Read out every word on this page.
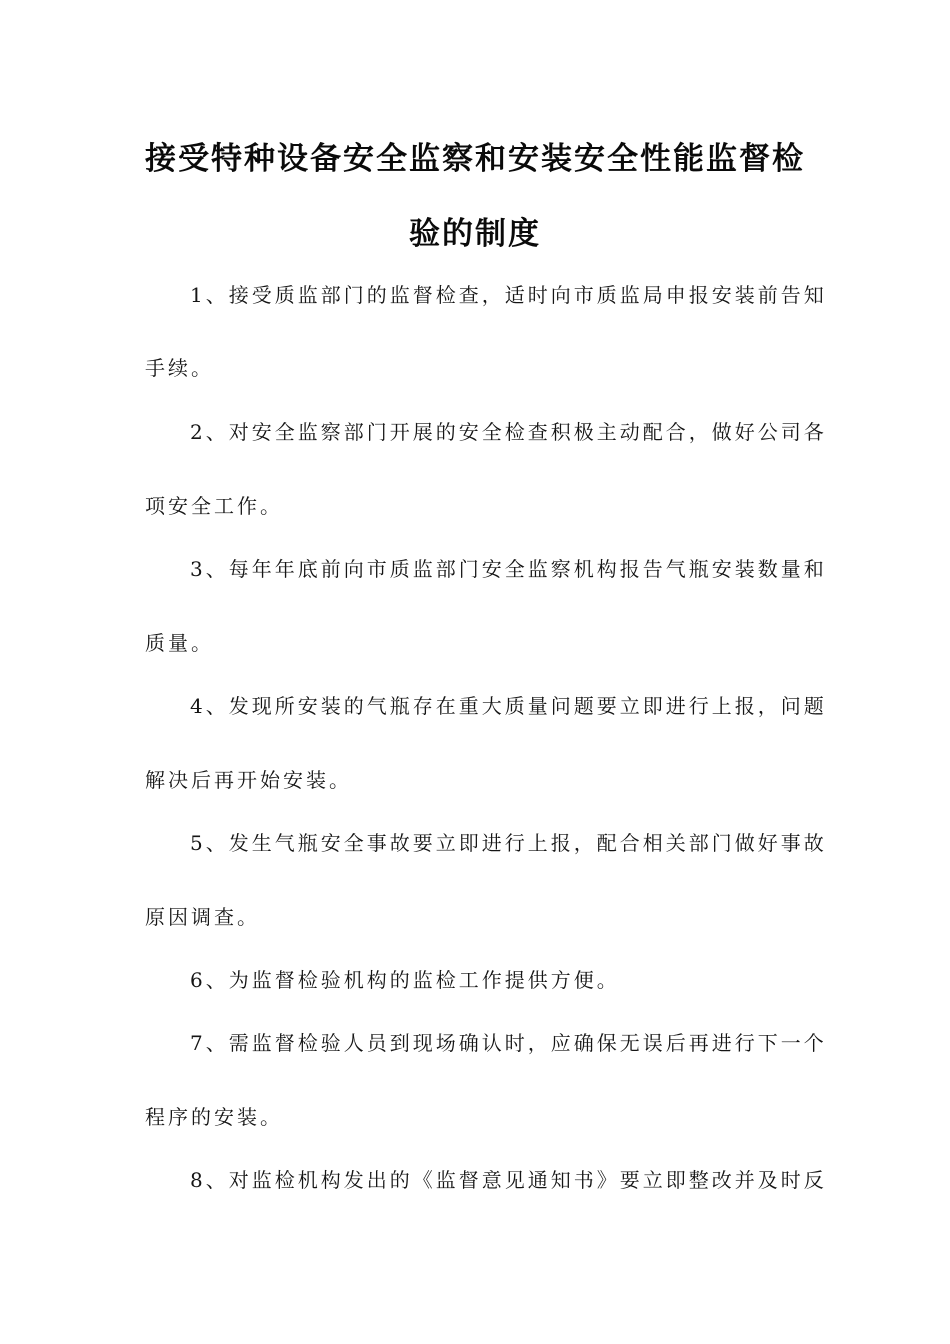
接受特种设备安全监察和安装安全性能监督检
验的制度
1、接受质监部门的监督检查，适时向市质监局申报安装前告知
手续。
2、对安全监察部门开展的安全检查积极主动配合，做好公司各
项安全工作。
3、每年年底前向市质监部门安全监察机构报告气瓶安装数量和
质量。
4、发现所安装的气瓶存在重大质量问题要立即进行上报，问题
解决后再开始安装。
5、发生气瓶安全事故要立即进行上报，配合相关部门做好事故
原因调查。
6、为监督检验机构的监检工作提供方便。
7、需监督检验人员到现场确认时，应确保无误后再进行下一个
程序的安装。
8、对监检机构发出的《监督意见通知书》要立即整改并及时反
